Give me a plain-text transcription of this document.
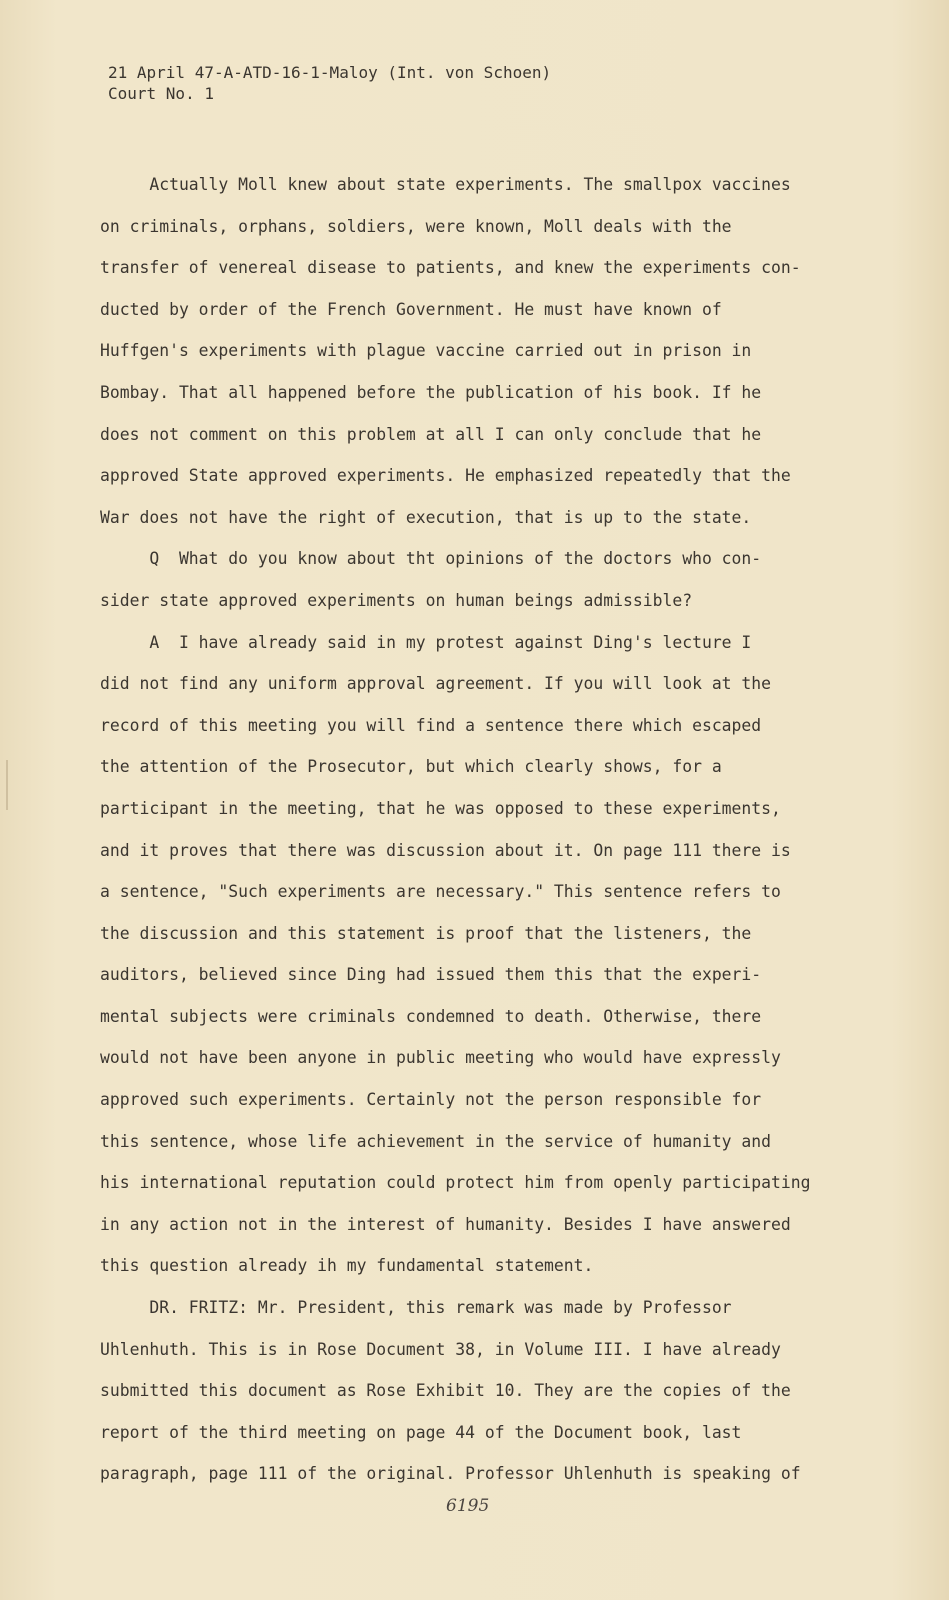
21 April 47-A-ATD-16-1-Maloy (Int. von Schoen)
Court No. 1
Actually Moll knew about state experiments. The smallpox vaccines
on criminals, orphans, soldiers, were known, Moll deals with the
transfer of venereal disease to patients, and knew the experiments con-
ducted by order of the French Government. He must have known of
Huffgen's experiments with plague vaccine carried out in prison in
Bombay. That all happened before the publication of his book. If he
does not comment on this problem at all I can only conclude that he
approved State approved experiments. He emphasized repeatedly that the
War does not have the right of execution, that is up to the state.
Q  What do you know about tht opinions of the doctors who con-
sider state approved experiments on human beings admissible?
A  I have already said in my protest against Ding's lecture I
did not find any uniform approval agreement. If you will look at the
record of this meeting you will find a sentence there which escaped
the attention of the Prosecutor, but which clearly shows, for a
participant in the meeting, that he was opposed to these experiments,
and it proves that there was discussion about it. On page 111 there is
a sentence, "Such experiments are necessary." This sentence refers to
the discussion and this statement is proof that the listeners, the
auditors, believed since Ding had issued them this that the experi-
mental subjects were criminals condemned to death. Otherwise, there
would not have been anyone in public meeting who would have expressly
approved such experiments. Certainly not the person responsible for
this sentence, whose life achievement in the service of humanity and
his international reputation could protect him from openly participating
in any action not in the interest of humanity. Besides I have answered
this question already ih my fundamental statement.
DR. FRITZ: Mr. President, this remark was made by Professor
Uhlenhuth. This is in Rose Document 38, in Volume III. I have already
submitted this document as Rose Exhibit 10. They are the copies of the
report of the third meeting on page 44 of the Document book, last
paragraph, page 111 of the original. Professor Uhlenhuth is speaking of
6195
